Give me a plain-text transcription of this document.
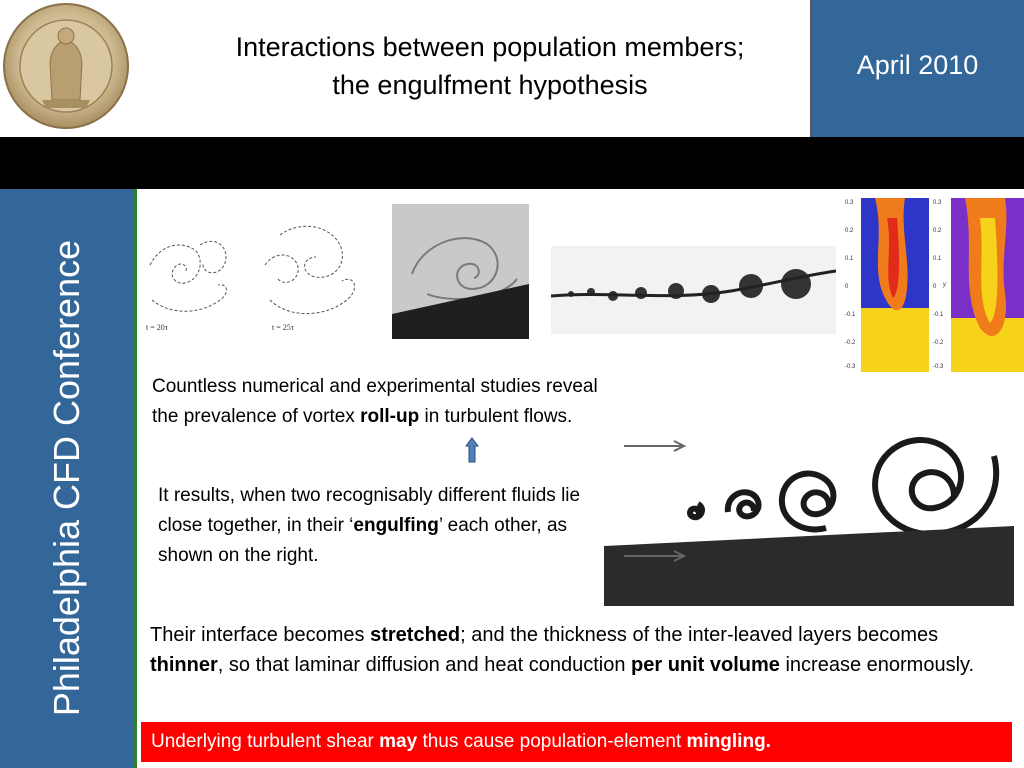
Interactions between population members;
the engulfment hypothesis
April 2010
Philadelphia CFD Conference	t = 20τ	t = 25τ
0.3
0.2
0.1
0
-0.1
-0.2
-0.3
0.3
0.2
0.1
0
-0.1
-0.2
-0.3
y
Countless numerical and experimental studies reveal the prevalence of vortex roll-up in turbulent flows.
It results, when two recognisably different fluids lie close together, in their ‘engulfing’ each other, as shown on the right.
Their interface becomes stretched; and the thickness of the inter-leaved layers becomes thinner, so that laminar diffusion and heat conduction per unit volume increase enormously.
Underlying turbulent shear may thus cause population-element mingling.
